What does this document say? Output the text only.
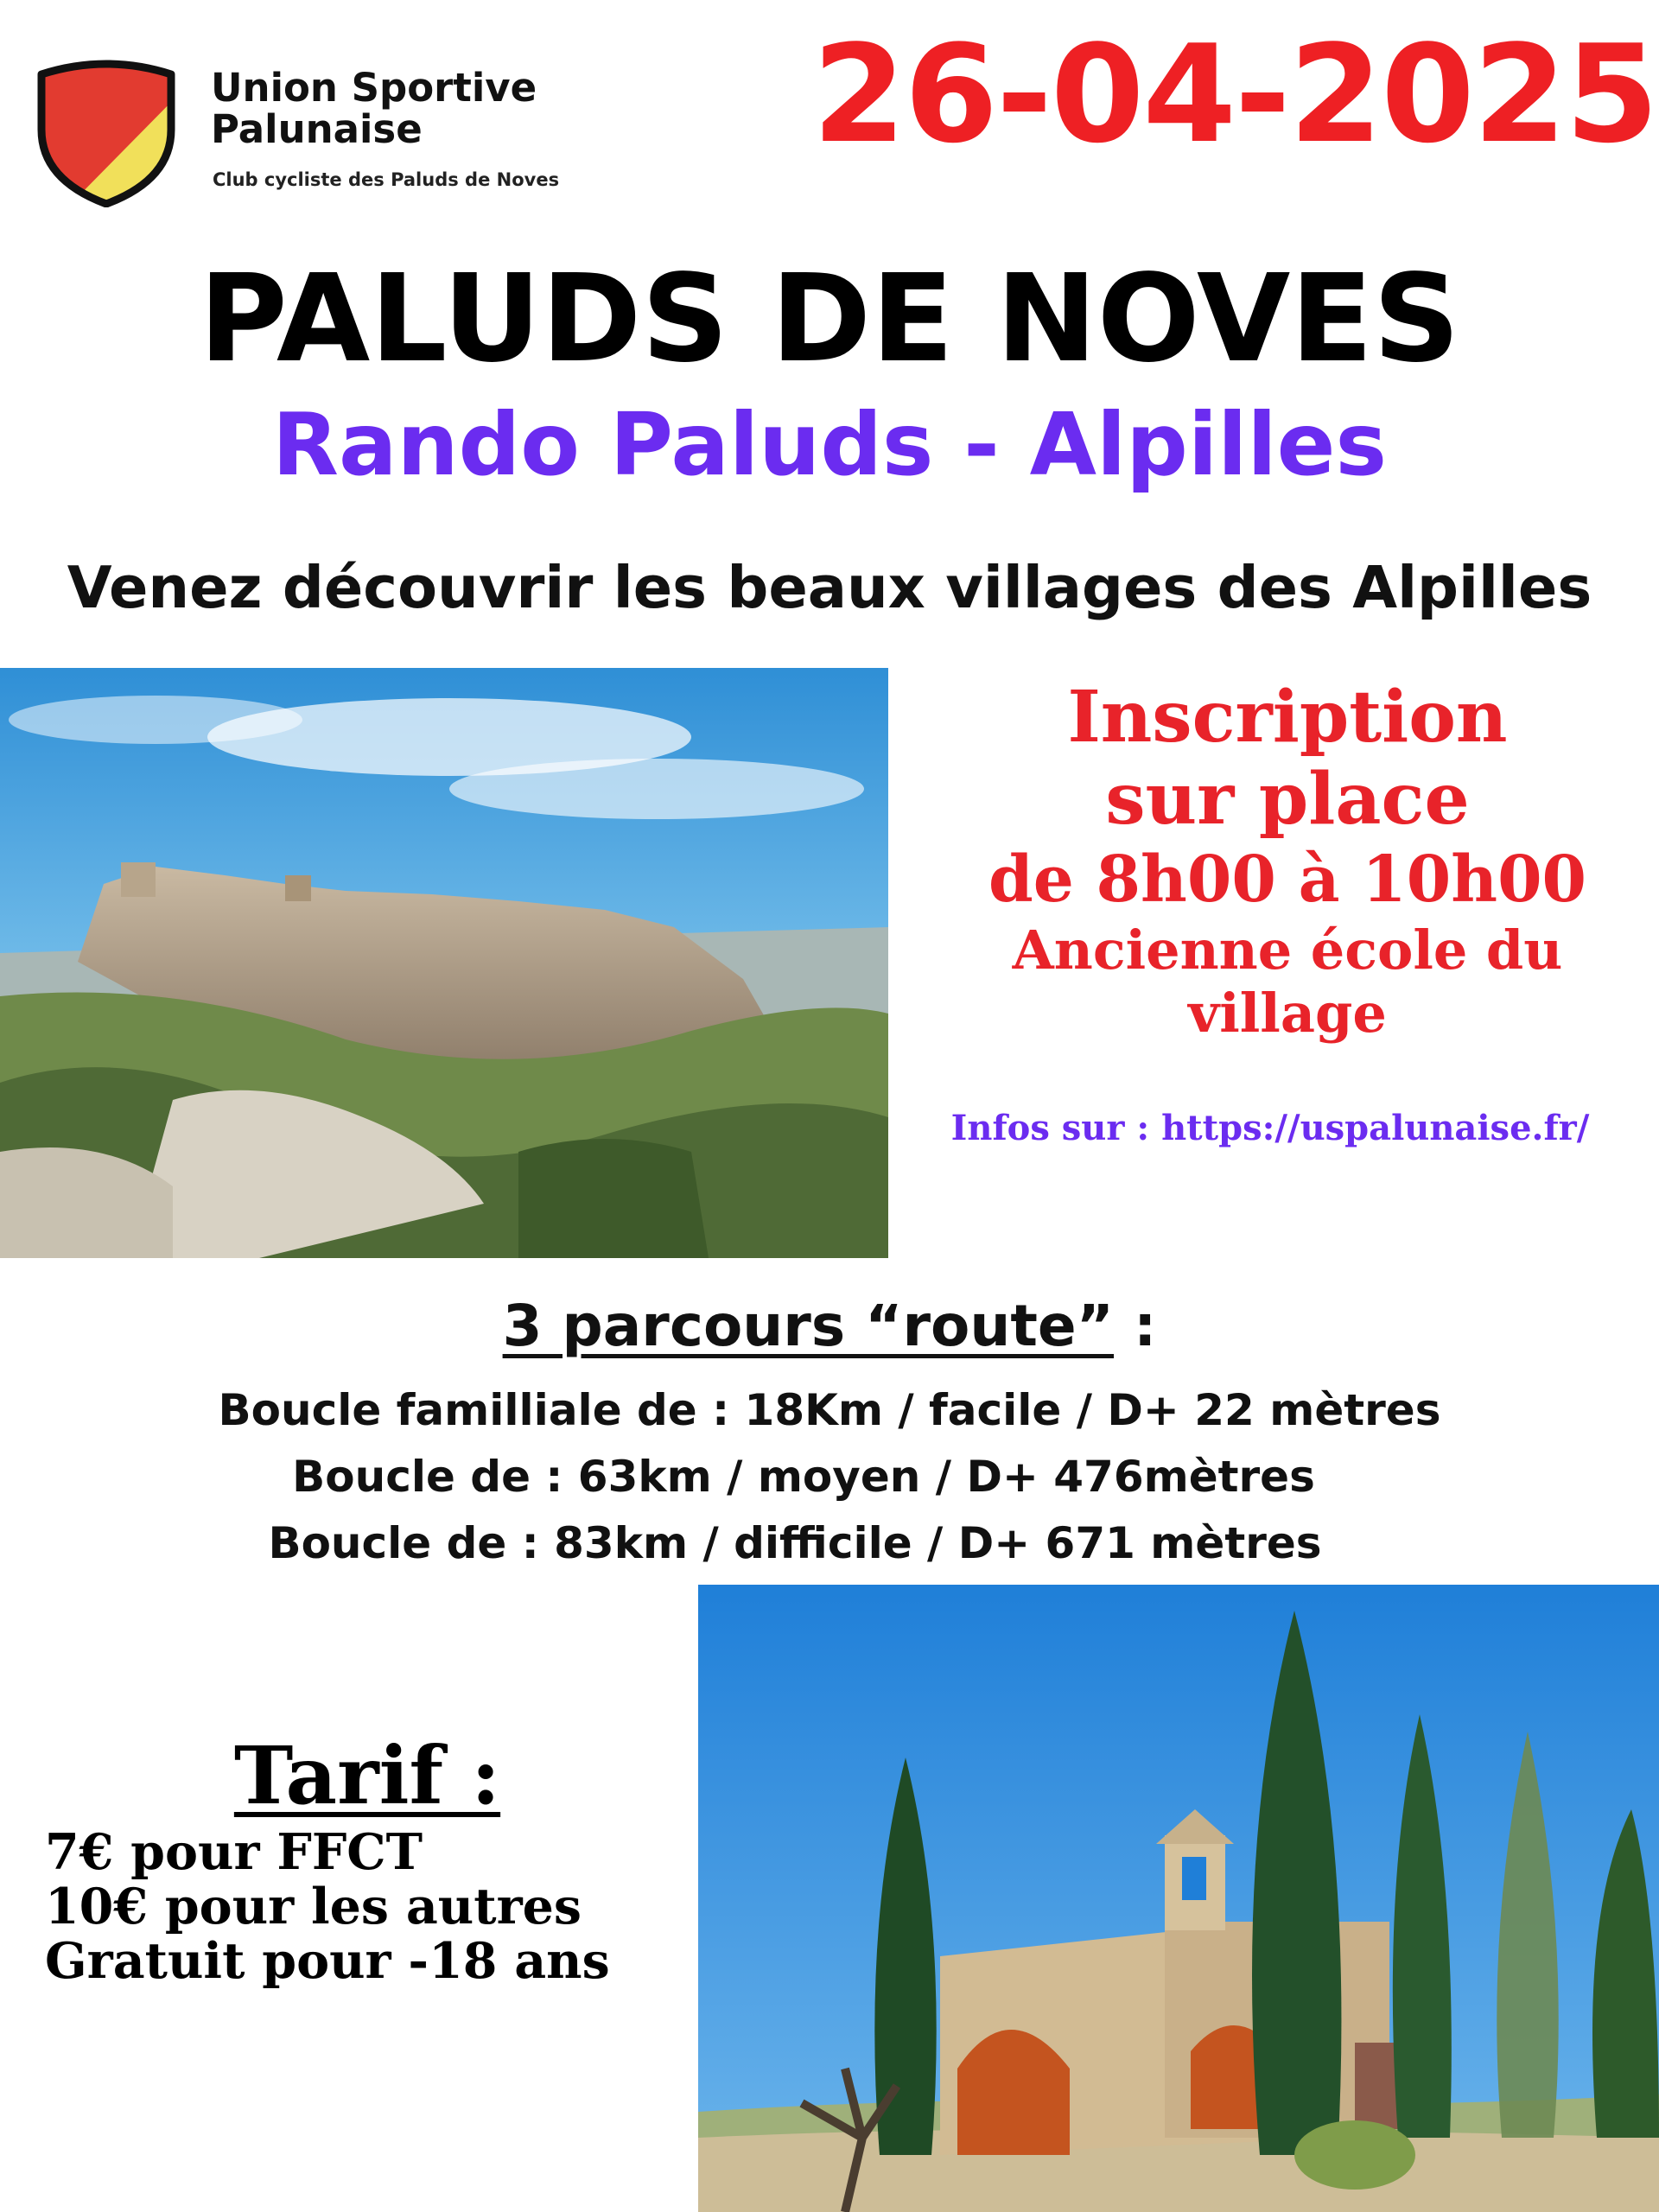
Union Sportive
Palunaise
Club cycliste des Paluds de Noves
26-04-2025
PALUDS DE NOVES
Rando Paluds - Alpilles
Venez découvrir les beaux villages des Alpilles
Inscription
sur place
de 8h00 à 10h00
Ancienne école du
village
Infos sur : https://uspalunaise.fr/
3 parcours “route” :
Boucle familliale de : 18Km / facile / D+ 22 mètres
Boucle de : 63km / moyen / D+ 476mètres
Boucle de : 83km / difficile / D+ 671 mètres
Tarif :
7€ pour FFCT
10€ pour les autres
Gratuit pour -18 ans
